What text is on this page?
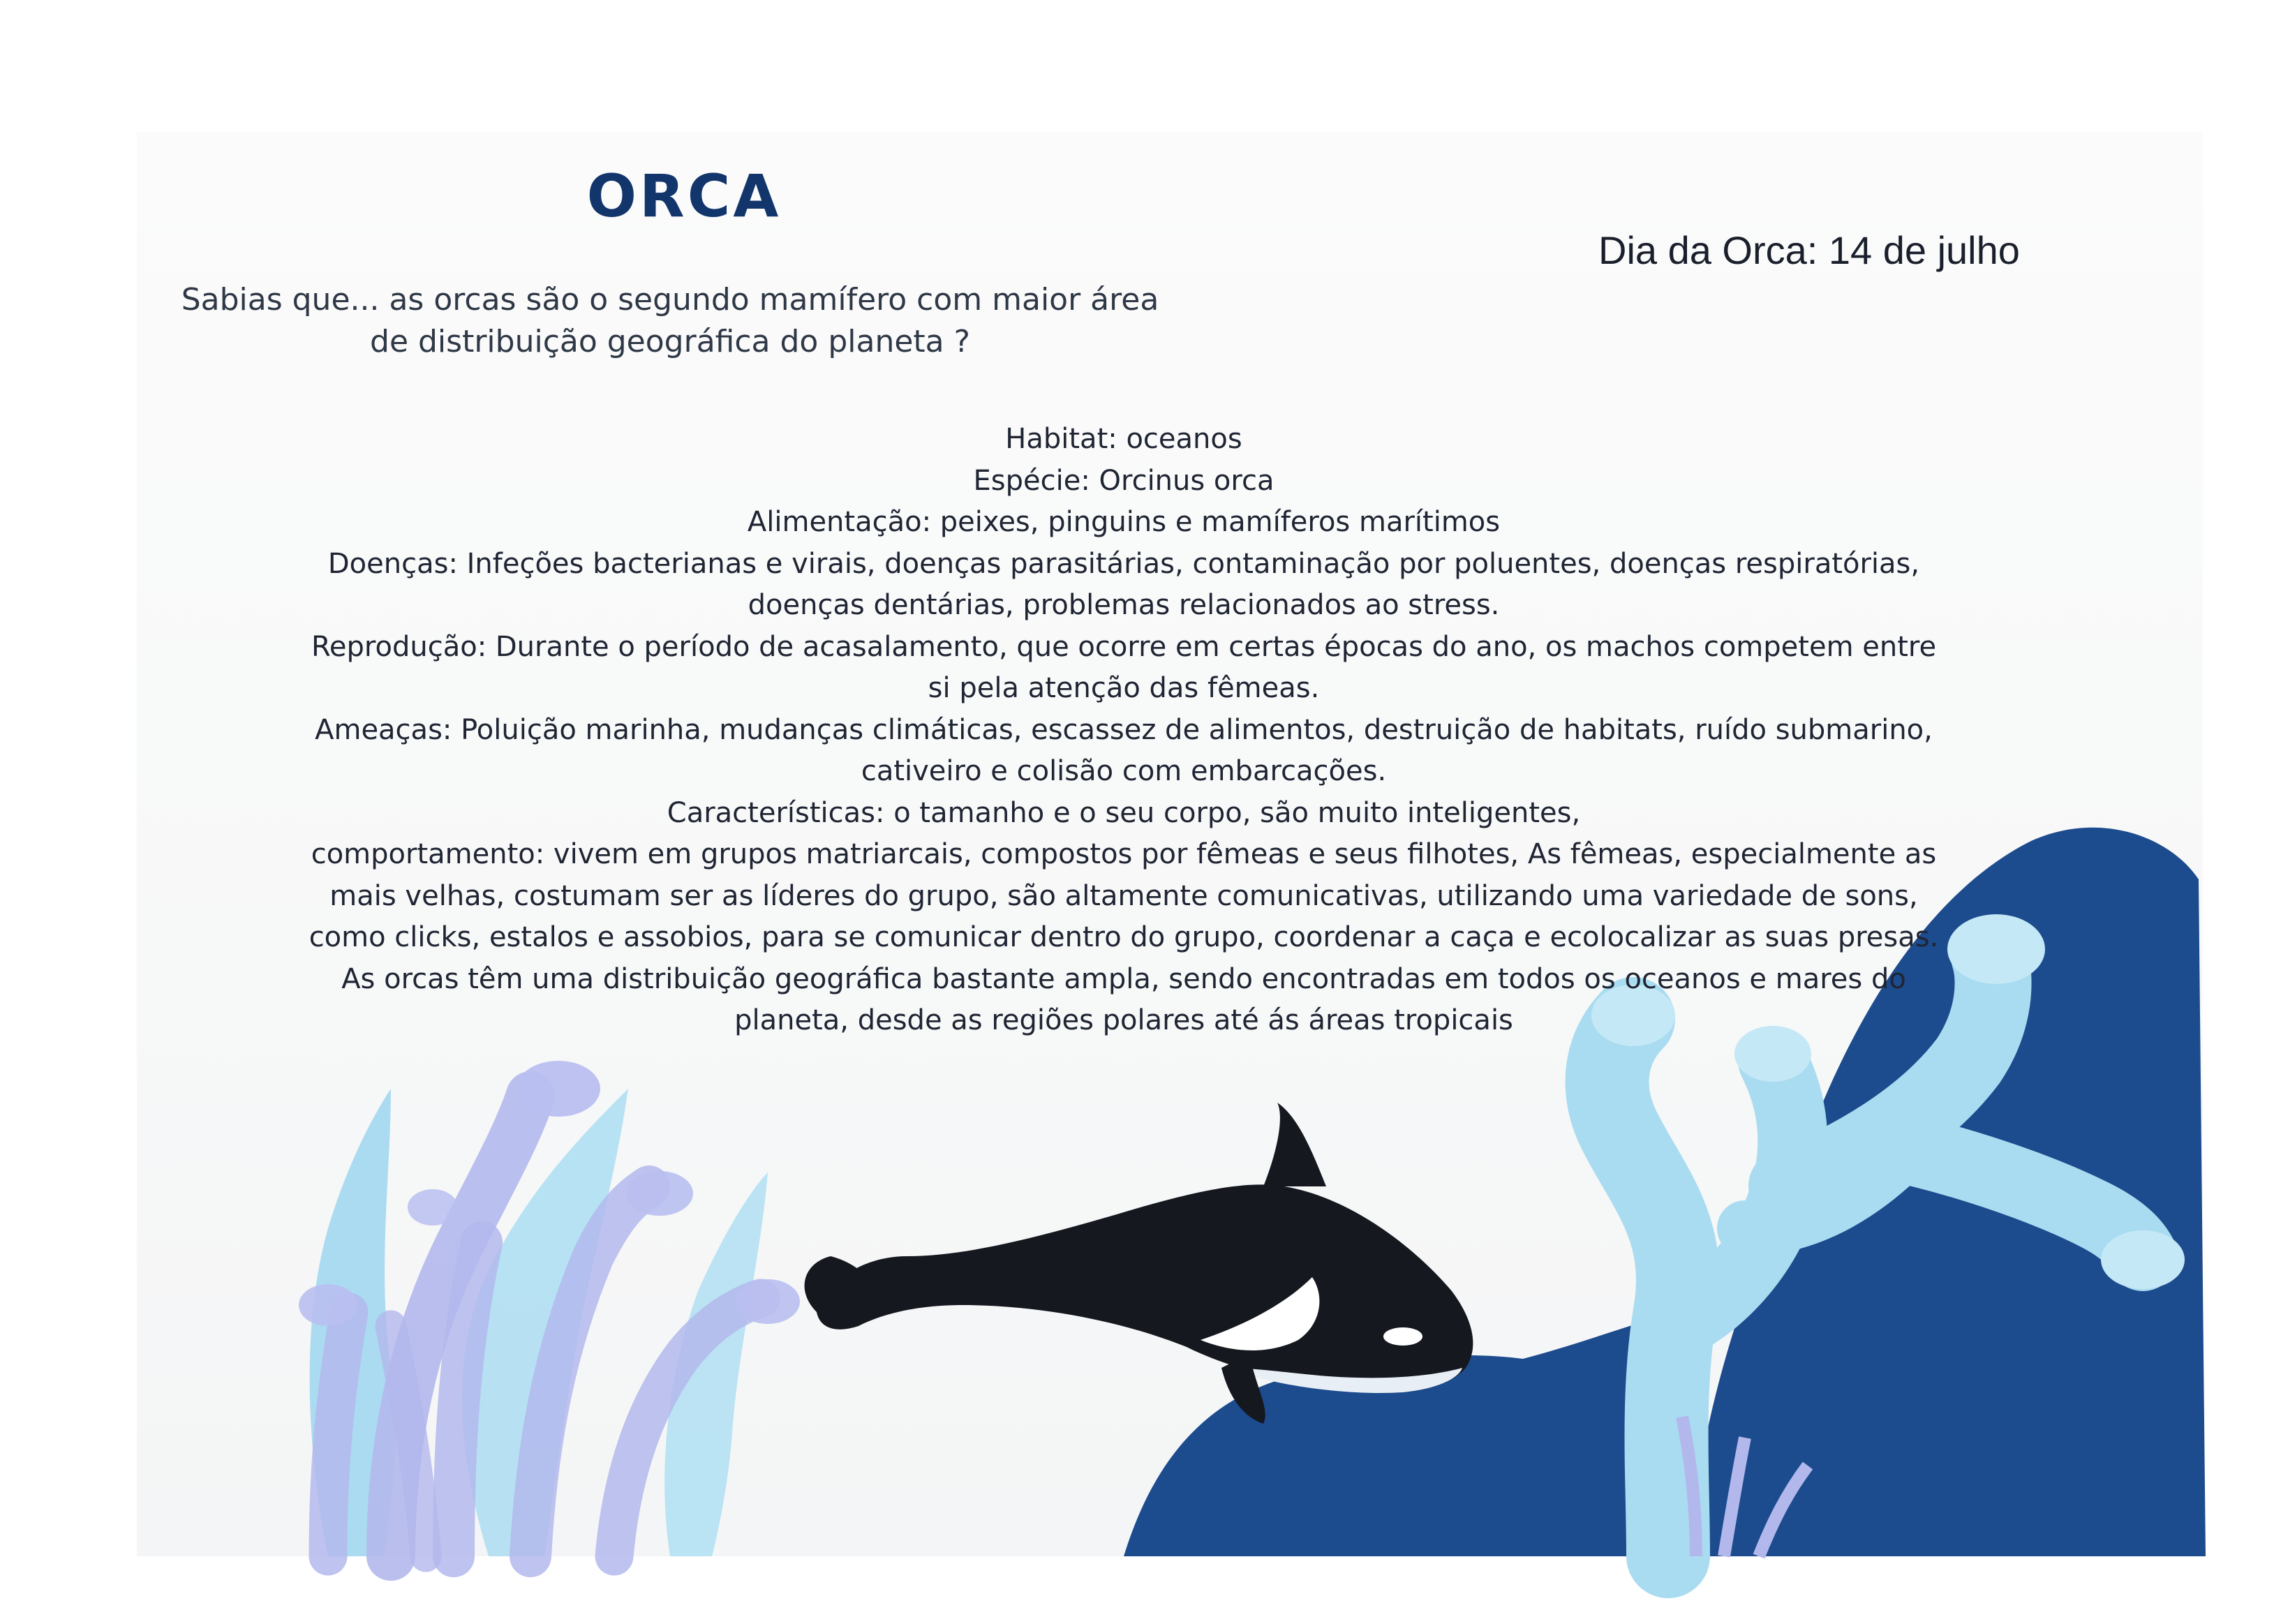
ORCA
Dia da Orca: 14 de julho
Sabias que... as orcas são o segundo mamífero com maior área
de distribuição geográfica do planeta ?

Habitat: oceanos

Espécie: Orcinus orca

Alimentação: peixes, pinguins e mamíferos marítimos

Doenças: Infeções bacterianas e virais, doenças parasitárias, contaminação por poluentes, doenças respiratórias,

doenças dentárias, problemas relacionados ao stress.

Reprodução: Durante o período de acasalamento, que ocorre em certas épocas do ano, os machos competem entre

si pela atenção das fêmeas.

Ameaças: Poluição marinha, mudanças climáticas, escassez de alimentos, destruição de habitats, ruído submarino,

cativeiro e colisão com embarcações.

Características: o tamanho e o seu corpo, são muito inteligentes,

comportamento: vivem em grupos matriarcais, compostos por fêmeas e seus filhotes, As fêmeas, especialmente as

mais velhas, costumam ser as líderes do grupo, são altamente comunicativas, utilizando uma variedade de sons,

como clicks, estalos e assobios, para se comunicar dentro do grupo, coordenar a caça e ecolocalizar as suas presas.

As orcas têm uma distribuição geográfica bastante ampla, sendo encontradas em todos os oceanos e mares do

planeta, desde as regiões polares até ás áreas tropicais
